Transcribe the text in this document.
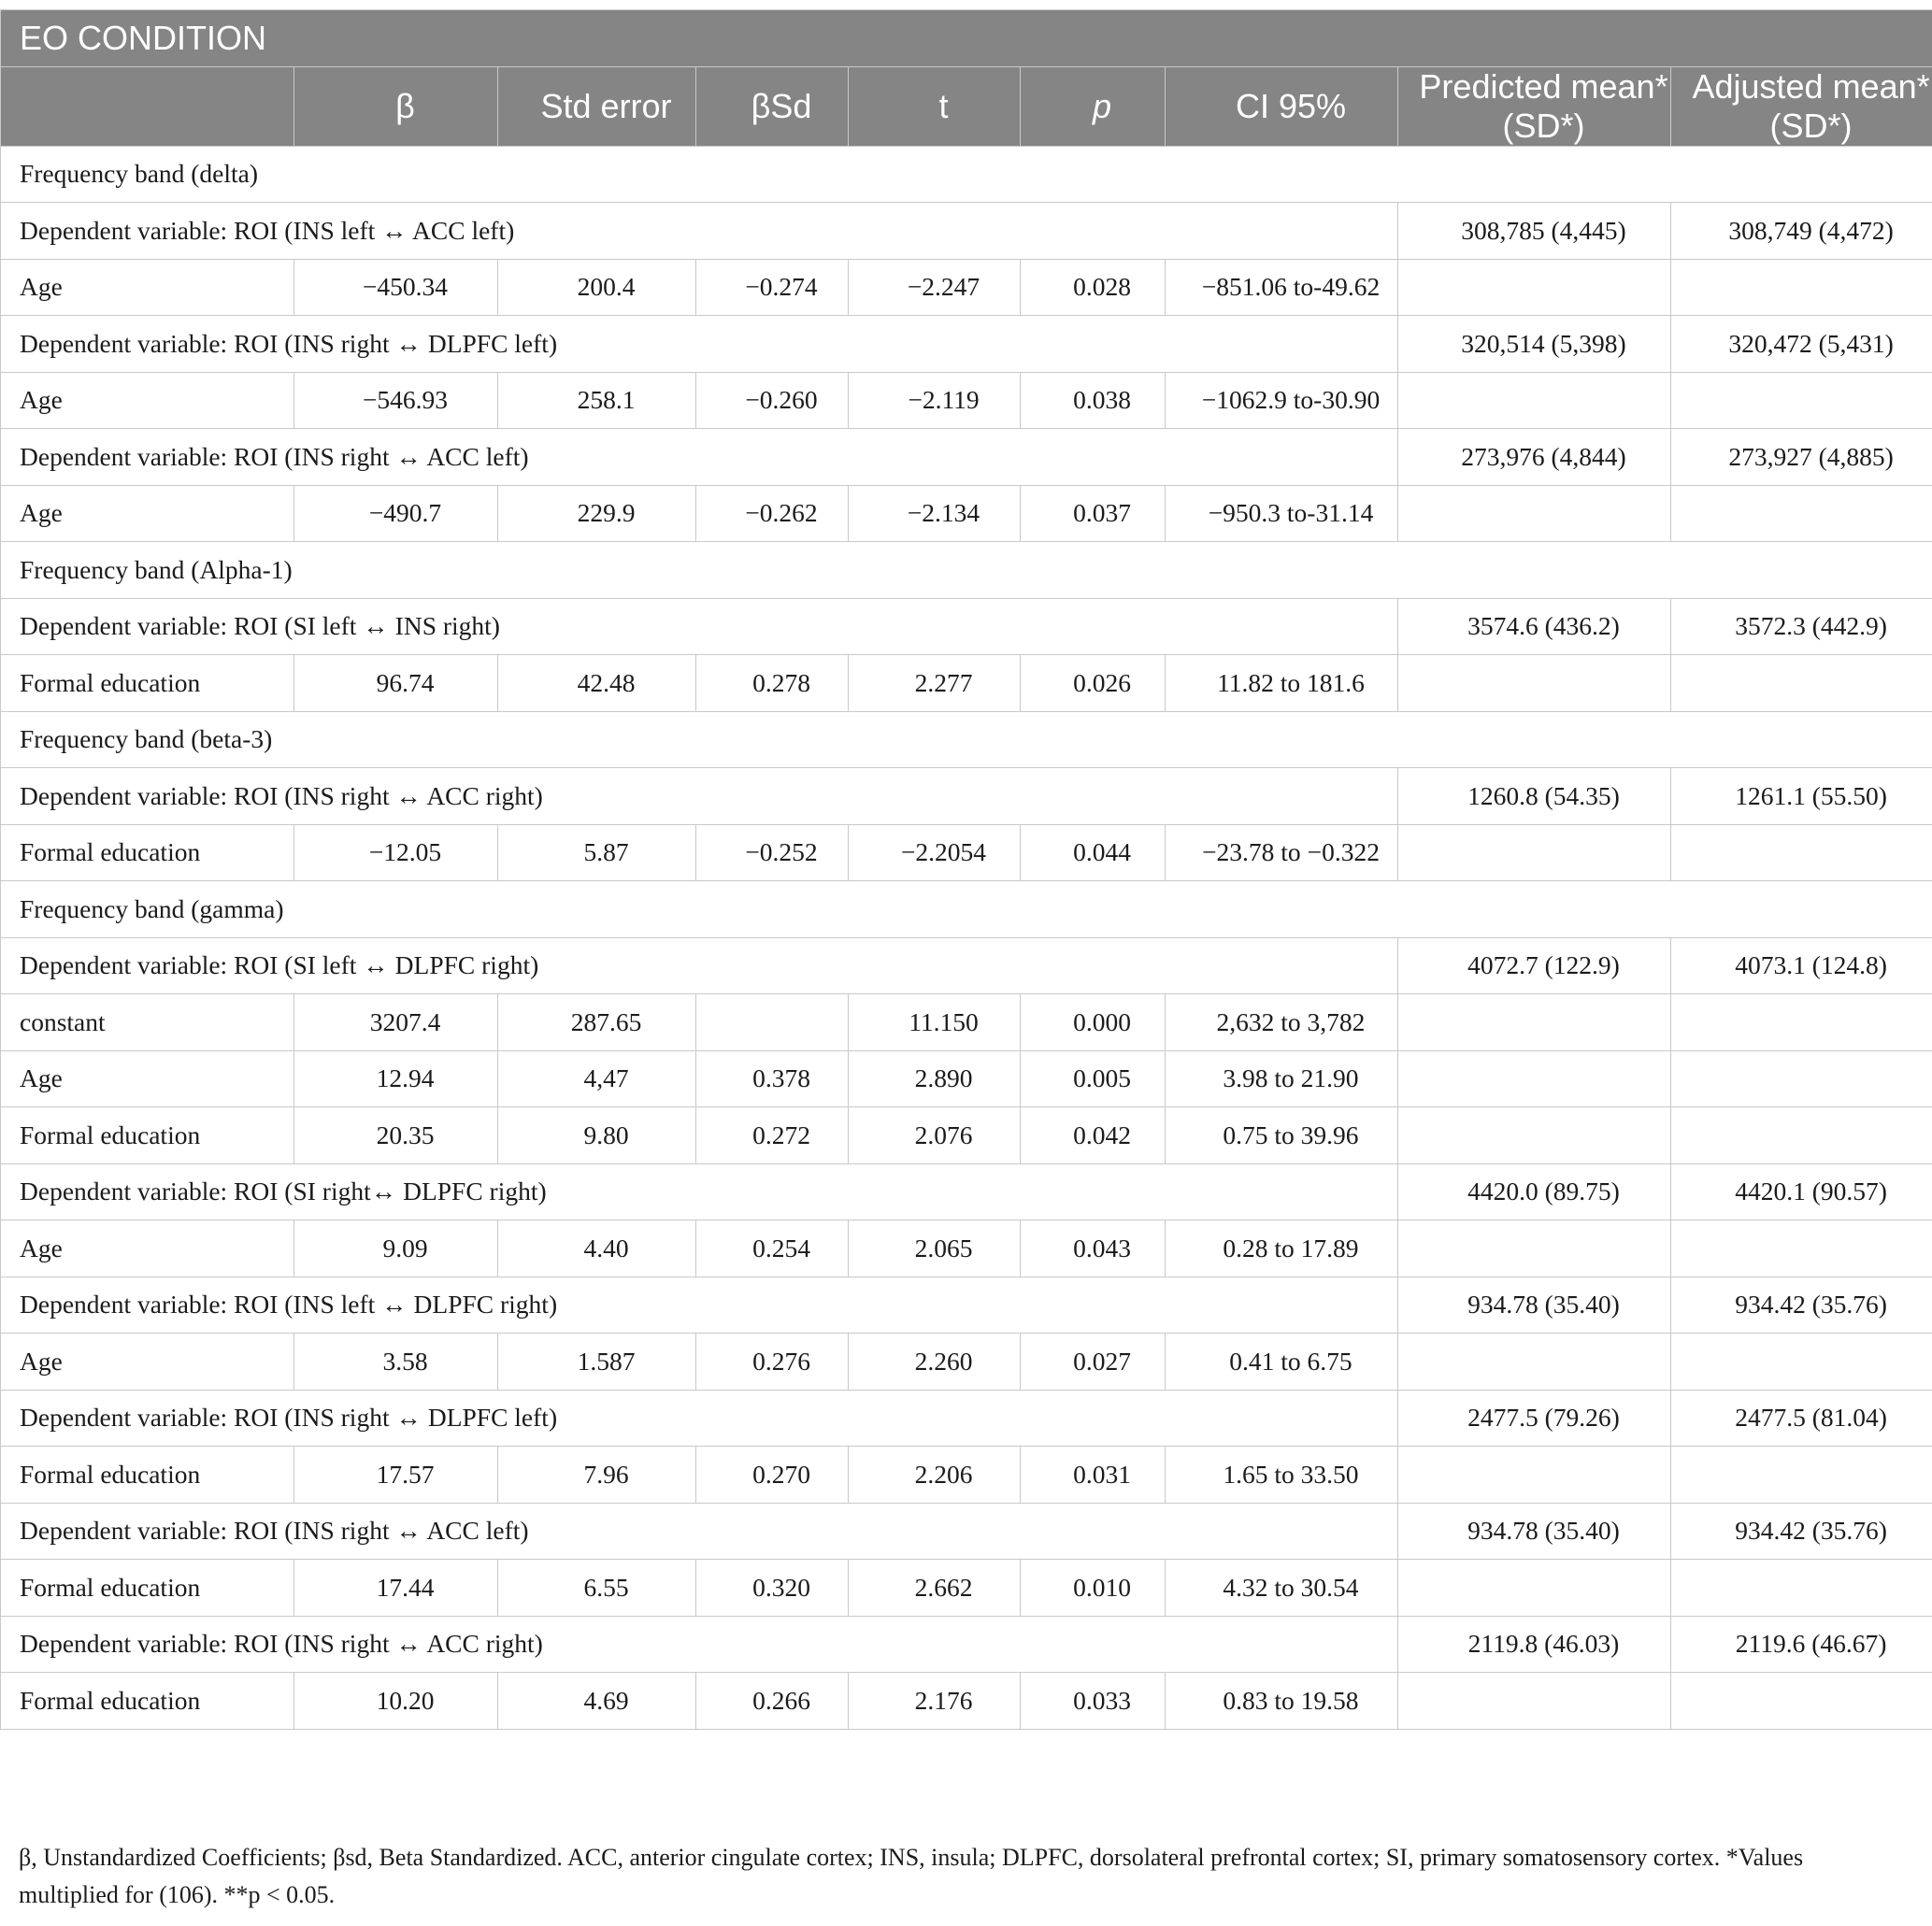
EO CONDITION								
	β	Std error	βSd	t	p	CI 95%	Predicted mean* (SD*)	Adjusted mean* (SD*)
Frequency band (delta)								
Dependent variable: ROI (INS left ↔ ACC left)							308,785 (4,445)	308,749 (4,472)
Age	−450.34	200.4	−0.274	−2.247	0.028	−851.06 to-49.62		
Dependent variable: ROI (INS right ↔ DLPFC left)							320,514 (5,398)	320,472 (5,431)
Age	−546.93	258.1	−0.260	−2.119	0.038	−1062.9 to-30.90		
Dependent variable: ROI (INS right ↔ ACC left)							273,976 (4,844)	273,927 (4,885)
Age	−490.7	229.9	−0.262	−2.134	0.037	−950.3 to-31.14		
Frequency band (Alpha-1)								
Dependent variable: ROI (SI left ↔ INS right)							3574.6 (436.2)	3572.3 (442.9)
Formal education	96.74	42.48	0.278	2.277	0.026	11.82 to 181.6		
Frequency band (beta-3)								
Dependent variable: ROI (INS right ↔ ACC right)							1260.8 (54.35)	1261.1 (55.50)
Formal education	−12.05	5.87	−0.252	−2.2054	0.044	−23.78 to −0.322		
Frequency band (gamma)								
Dependent variable: ROI (SI left ↔ DLPFC right)							4072.7 (122.9)	4073.1 (124.8)
constant	3207.4	287.65		11.150	0.000	2,632 to 3,782		
Age	12.94	4,47	0.378	2.890	0.005	3.98 to 21.90		
Formal education	20.35	9.80	0.272	2.076	0.042	0.75 to 39.96		
Dependent variable: ROI (SI right↔ DLPFC right)							4420.0 (89.75)	4420.1 (90.57)
Age	9.09	4.40	0.254	2.065	0.043	0.28 to 17.89		
Dependent variable: ROI (INS left ↔ DLPFC right)							934.78 (35.40)	934.42 (35.76)
Age	3.58	1.587	0.276	2.260	0.027	0.41 to 6.75		
Dependent variable: ROI (INS right ↔ DLPFC left)							2477.5 (79.26)	2477.5 (81.04)
Formal education	17.57	7.96	0.270	2.206	0.031	1.65 to 33.50		
Dependent variable: ROI (INS right ↔ ACC left)							934.78 (35.40)	934.42 (35.76)
Formal education	17.44	6.55	0.320	2.662	0.010	4.32 to 30.54		
Dependent variable: ROI (INS right ↔ ACC right)							2119.8 (46.03)	2119.6 (46.67)
Formal education	10.20	4.69	0.266	2.176	0.033	0.83 to 19.58		
β, Unstandardized Coefficients; βsd, Beta Standardized. ACC, anterior cingulate cortex; INS, insula; DLPFC, dorsolateral prefrontal cortex; SI, primary somatosensory cortex. *Values multiplied for (106). **p < 0.05.
